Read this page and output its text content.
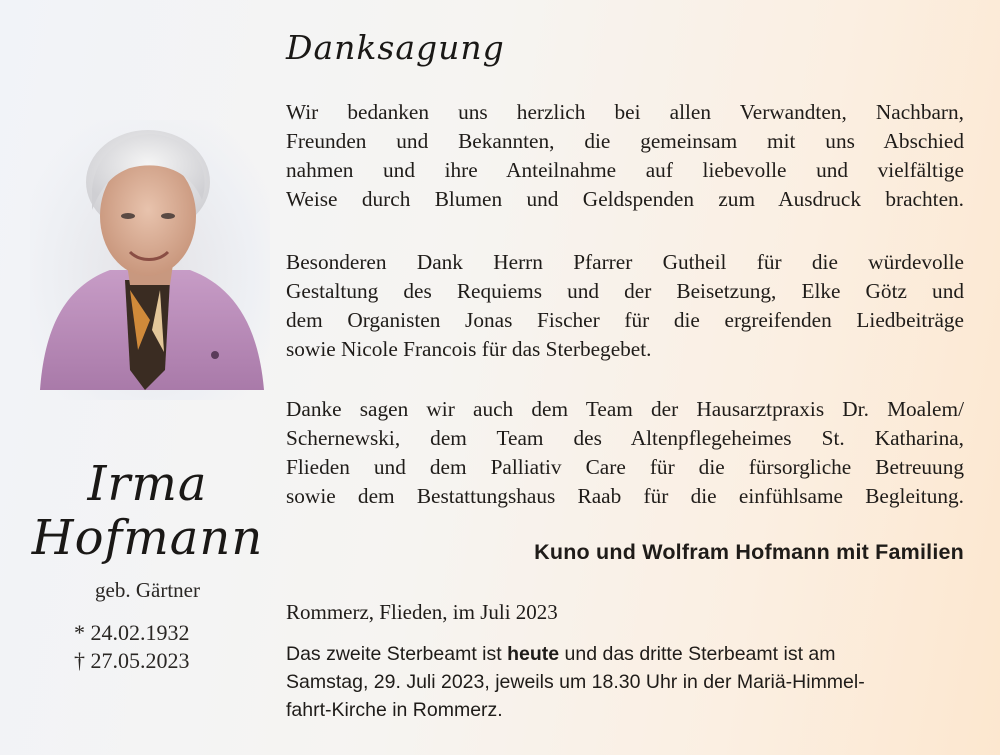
Irma
Hofmann
geb. Gärtner
* 24.02.1932
† 27.05.2023
Danksagung
Wir bedanken uns herzlich bei allen Verwandten, Nachbarn,
Freunden und Bekannten, die gemeinsam mit uns Abschied
nahmen und ihre Anteilnahme auf liebevolle und vielfältige
Weise durch Blumen und Geldspenden zum Ausdruck brachten.
Besonderen Dank Herrn Pfarrer Gutheil für die würdevolle
Gestaltung des Requiems und der Beisetzung, Elke Götz und
dem Organisten Jonas Fischer für die ergreifenden Liedbeiträge
sowie Nicole Francois für das Sterbegebet.
Danke sagen wir auch dem Team der Hausarztpraxis Dr. Moalem/
Schernewski, dem Team des Altenpflegeheimes St. Katharina,
Flieden und dem Palliativ Care für die fürsorgliche Betreuung
sowie dem Bestattungshaus Raab für die einfühlsame Begleitung.
Kuno und Wolfram Hofmann mit Familien
Rommerz, Flieden, im Juli 2023
Das zweite Sterbeamt ist heute und das dritte Sterbeamt ist am
Samstag, 29. Juli 2023, jeweils um 18.30 Uhr in der Mariä-Himmel-
fahrt-Kirche in Rommerz.
